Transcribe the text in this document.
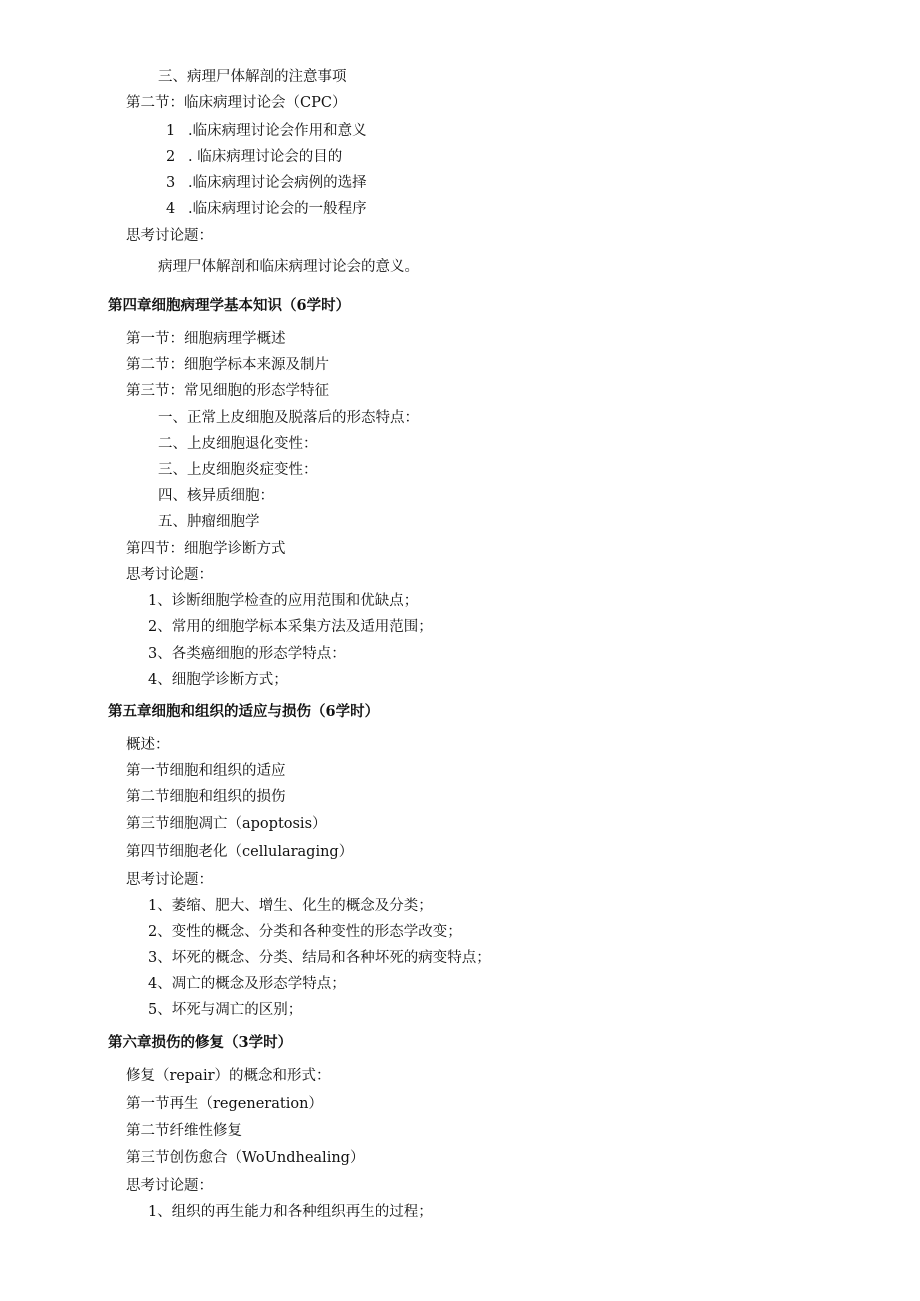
三、病理尸体解剖的注意事项
第二节：临床病理讨论会（CPC）
1 .临床病理讨论会作用和意义
2 . 临床病理讨论会的目的
3 .临床病理讨论会病例的选择
4 .临床病理讨论会的一般程序
思考讨论题：
病理尸体解剖和临床病理讨论会的意义。
第四章细胞病理学基本知识（6学时）
第一节：细胞病理学概述
第二节：细胞学标本来源及制片
第三节：常见细胞的形态学特征
一、正常上皮细胞及脱落后的形态特点：
二、上皮细胞退化变性：
三、上皮细胞炎症变性：
四、核异质细胞：
五、肿瘤细胞学
第四节：细胞学诊断方式
思考讨论题：
1、诊断细胞学检查的应用范围和优缺点；
2、常用的细胞学标本采集方法及适用范围；
3、各类癌细胞的形态学特点：
4、细胞学诊断方式；
第五章细胞和组织的适应与损伤（6学时）
概述：
第一节细胞和组织的适应
第二节细胞和组织的损伤
第三节细胞凋亡（apoptosis）
第四节细胞老化（cellularaging）
思考讨论题：
1、萎缩、肥大、增生、化生的概念及分类；
2、变性的概念、分类和各种变性的形态学改变；
3、坏死的概念、分类、结局和各种坏死的病变特点；
4、凋亡的概念及形态学特点；
5、坏死与凋亡的区别；
第六章损伤的修复（3学时）
修复（repair）的概念和形式：
第一节再生（regeneration）
第二节纤维性修复
第三节创伤愈合（WoUndhealing）
思考讨论题：
1、组织的再生能力和各种组织再生的过程；
